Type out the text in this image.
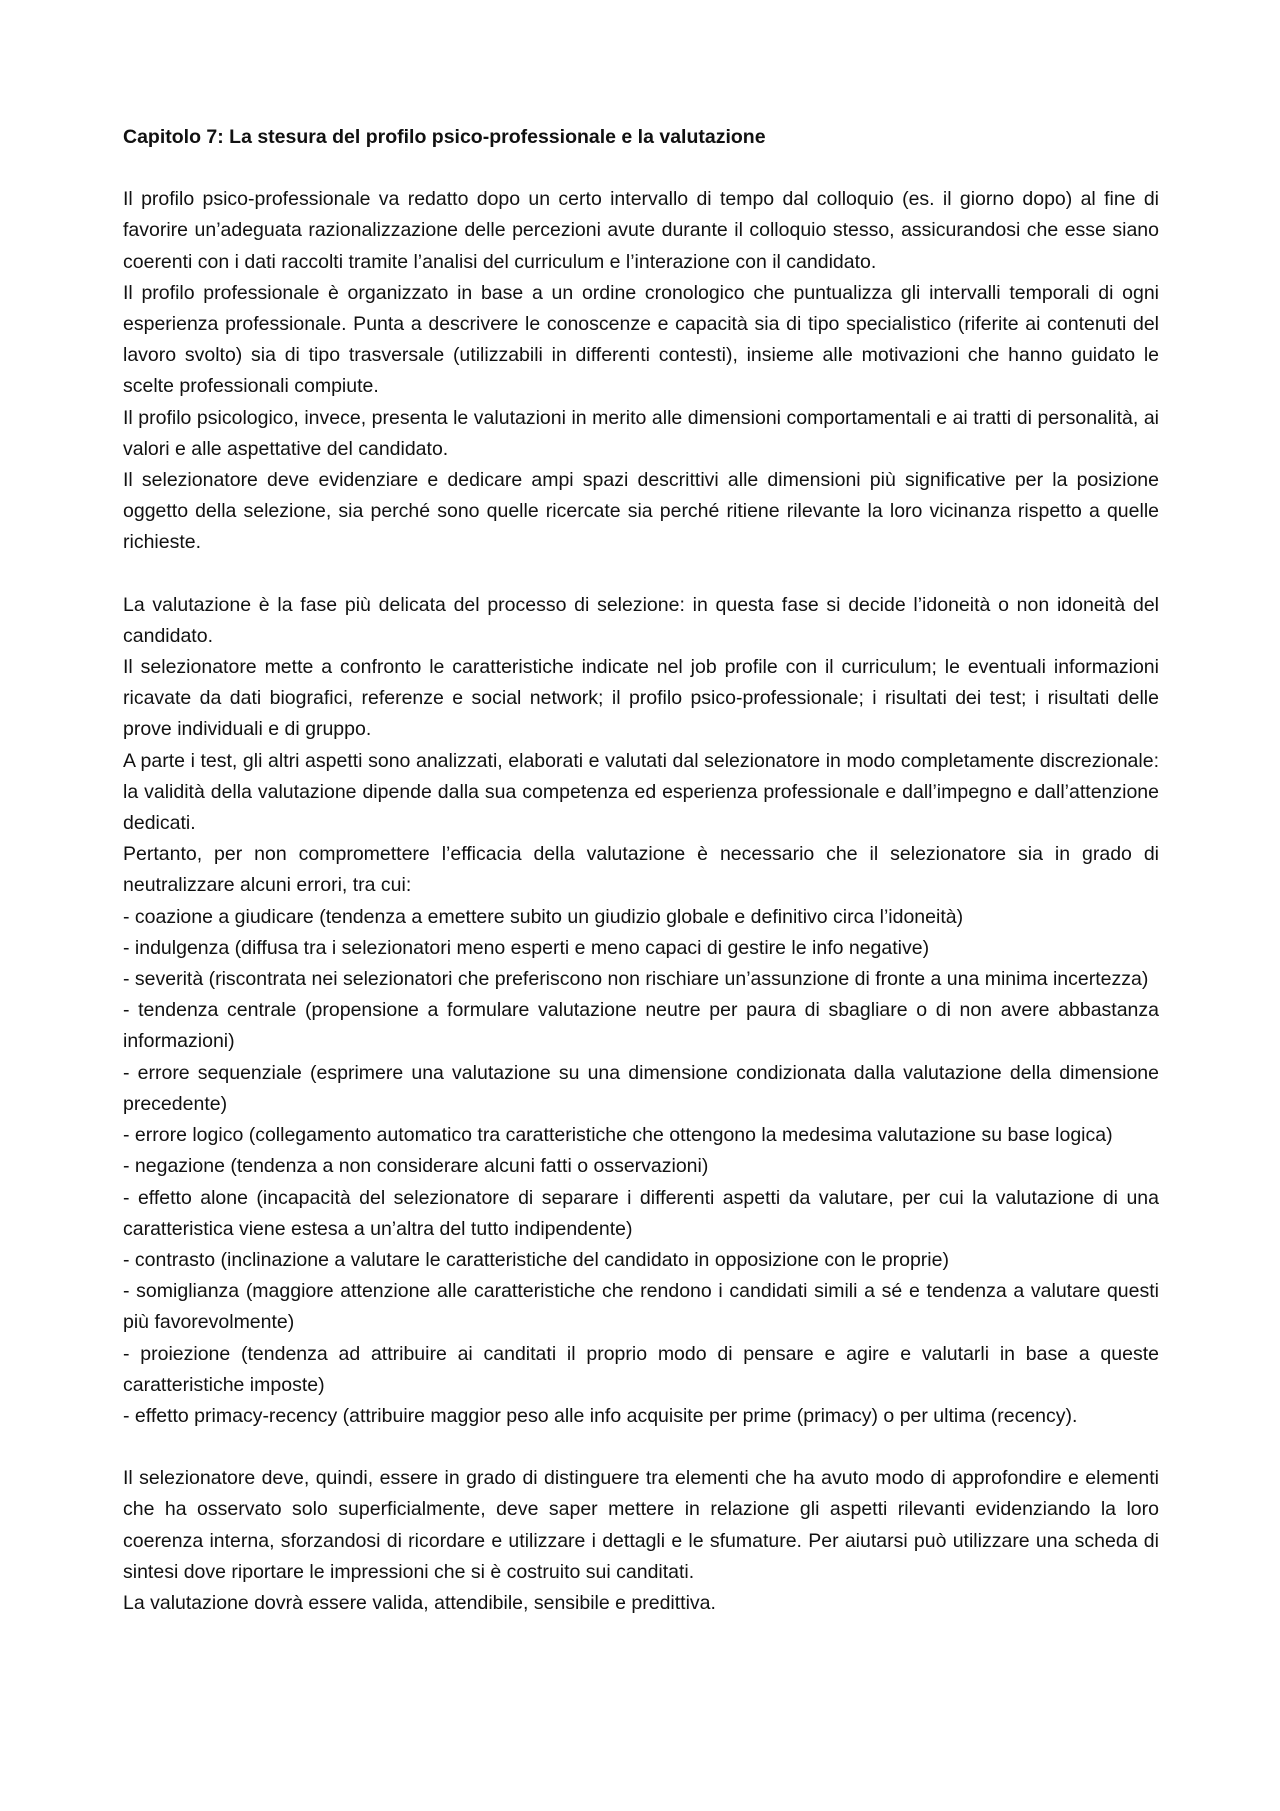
Capitolo 7: La stesura del profilo psico-professionale e la valutazione

Il profilo psico-professionale va redatto dopo un certo intervallo di tempo dal colloquio (es. il giorno dopo) al fine di favorire un’adeguata razionalizzazione delle percezioni avute durante il colloquio stesso, assicurandosi che esse siano coerenti con i dati raccolti tramite l’analisi del curriculum e l’interazione con il candidato.

Il profilo professionale è organizzato in base a un ordine cronologico che puntualizza gli intervalli temporali di ogni esperienza professionale. Punta a descrivere le conoscenze e capacità sia di tipo specialistico (riferite ai contenuti del lavoro svolto) sia di tipo trasversale (utilizzabili in differenti contesti), insieme alle motivazioni che hanno guidato le scelte professionali compiute.

Il profilo psicologico, invece, presenta le valutazioni in merito alle dimensioni comportamentali e ai tratti di personalità, ai valori e alle aspettative del candidato.

Il selezionatore deve evidenziare e dedicare ampi spazi descrittivi alle dimensioni più significative per la posizione oggetto della selezione, sia perché sono quelle ricercate sia perché ritiene rilevante la loro vicinanza rispetto a quelle richieste.

La valutazione è la fase più delicata del processo di selezione: in questa fase si decide l’idoneità o non idoneità del candidato.

Il selezionatore mette a confronto le caratteristiche indicate nel job profile con il curriculum; le eventuali informazioni ricavate da dati biografici, referenze e social network; il profilo psico-professionale; i risultati dei test; i risultati delle prove individuali e di gruppo.

A parte i test, gli altri aspetti sono analizzati, elaborati e valutati dal selezionatore in modo completamente discrezionale: la validità della valutazione dipende dalla sua competenza ed esperienza professionale e dall’impegno e dall’attenzione dedicati.

Pertanto, per non compromettere l’efficacia della valutazione è necessario che il selezionatore sia in grado di neutralizzare alcuni errori, tra cui:

- coazione a giudicare (tendenza a emettere subito un giudizio globale e definitivo circa l’idoneità)
- indulgenza (diffusa tra i selezionatori meno esperti e meno capaci di gestire le info negative)
- severità (riscontrata nei selezionatori che preferiscono non rischiare un’assunzione di fronte a una minima incertezza)
- tendenza centrale (propensione a formulare valutazione neutre per paura di sbagliare o di non avere abbastanza informazioni)
- errore sequenziale (esprimere una valutazione su una dimensione condizionata dalla valutazione della dimensione precedente)
- errore logico (collegamento automatico tra caratteristiche che ottengono la medesima valutazione su base logica)
- negazione (tendenza a non considerare alcuni fatti o osservazioni)
- effetto alone (incapacità del selezionatore di separare i differenti aspetti da valutare, per cui la valutazione di una caratteristica viene estesa a un’altra del tutto indipendente)
- contrasto (inclinazione a valutare le caratteristiche del candidato in opposizione con le proprie)
- somiglianza (maggiore attenzione alle caratteristiche che rendono i candidati simili a sé e tendenza a valutare questi più favorevolmente)
- proiezione (tendenza ad attribuire ai canditati il proprio modo di pensare e agire e valutarli in base a queste caratteristiche imposte)
- effetto primacy-recency (attribuire maggior peso alle info acquisite per prime (primacy) o per ultima (recency).

Il selezionatore deve, quindi, essere in grado di distinguere tra elementi che ha avuto modo di approfondire e elementi che ha osservato solo superficialmente, deve saper mettere in relazione gli aspetti rilevanti evidenziando la loro coerenza interna, sforzandosi di ricordare e utilizzare i dettagli e le sfumature. Per aiutarsi può utilizzare una scheda di sintesi dove riportare le impressioni che si è costruito sui canditati.

La valutazione dovrà essere valida, attendibile, sensibile e predittiva.
